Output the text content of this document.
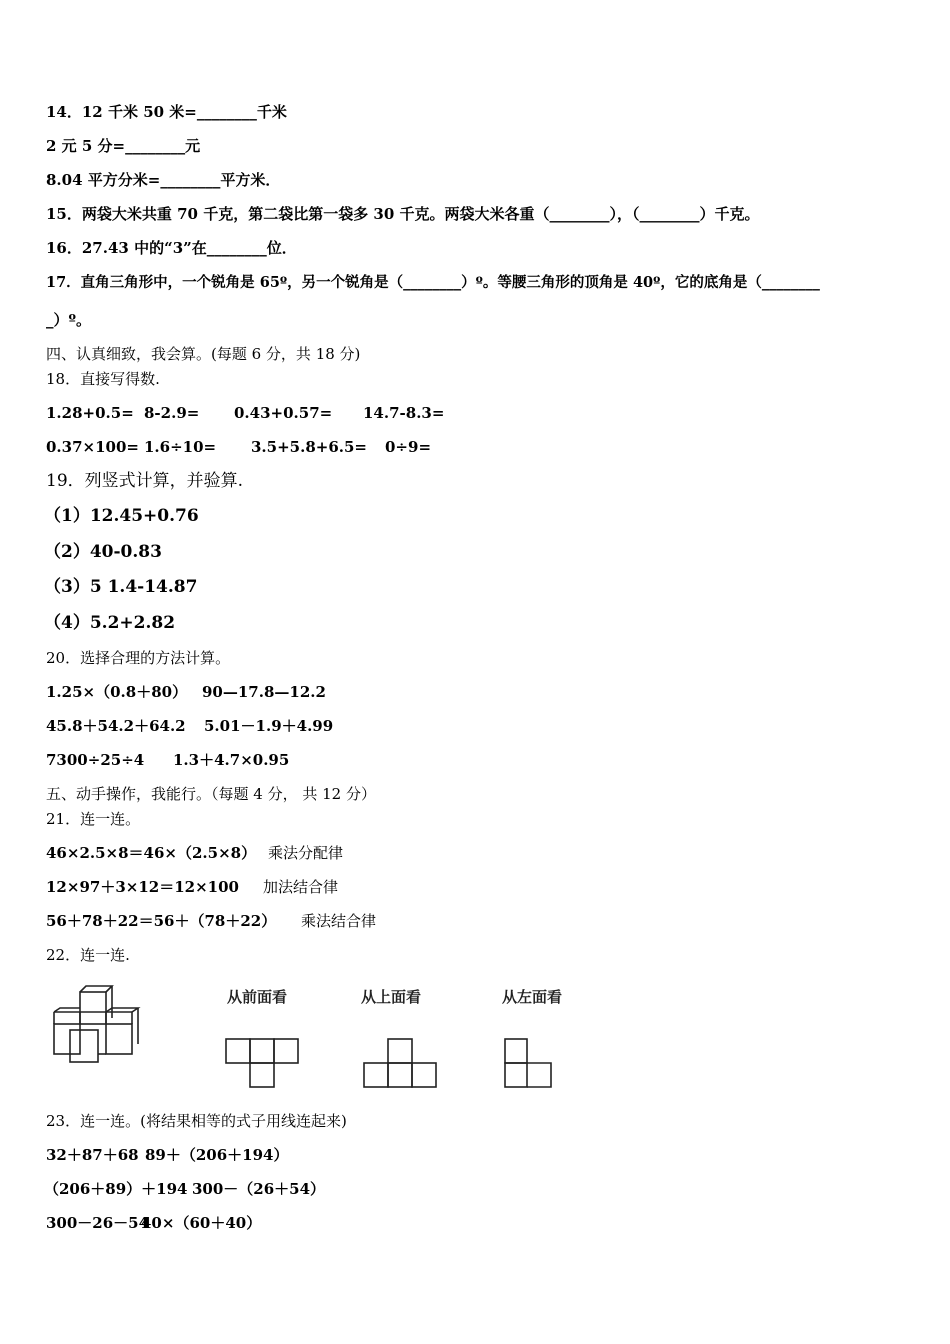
14．12 千米 50 米=________千米
2 元 5 分=________元
8.04 平方分米=________平方米．
15．两袋大米共重 70 千克，第二袋比第一袋多 30 千克。两袋大米各重（________），（________）千克。
16．27.43 中的“3”在________位．
17．直角三角形中，一个锐角是 65º，另一个锐角是（________）º。等腰三角形的顶角是 40º，它的底角是（________
_）º。
四、认真细致，我会算。(每题 6 分，共 18 分)
18．直接写得数.
1.28+0.5= 8-2.9= 0.43+0.57= 14.7-8.3=
0.37×100= 1.6÷10= 3.5+5.8+6.5= 0÷9=
19．列竖式计算，并验算.
（1）12.45+0.76
（2）40-0.83
（3）5 1.4-14.87
（4）5.2+2.82
20．选择合理的方法计算。
1.25×（0.8＋80） 90—17.8—12.2
45.8＋54.2＋64.2 5.01－1.9＋4.99
7300÷25÷4 1.3＋4.7×0.95
五、动手操作，我能行。（每题 4 分， 共 12 分）
21．连一连。
46×2.5×8＝46×（2.5×8） 乘法分配律
12×97＋3×12＝12×100 加法结合律
56＋78＋22＝56＋（78＋22） 乘法结合律
22．连一连.
从前面看	从上面看	从左面看
23．连一连。(将结果相等的式子用线连起来)
32＋87＋68 89＋（206＋194）
（206＋89）＋194 300－（26＋54）
300－26－5440×（60＋40）
